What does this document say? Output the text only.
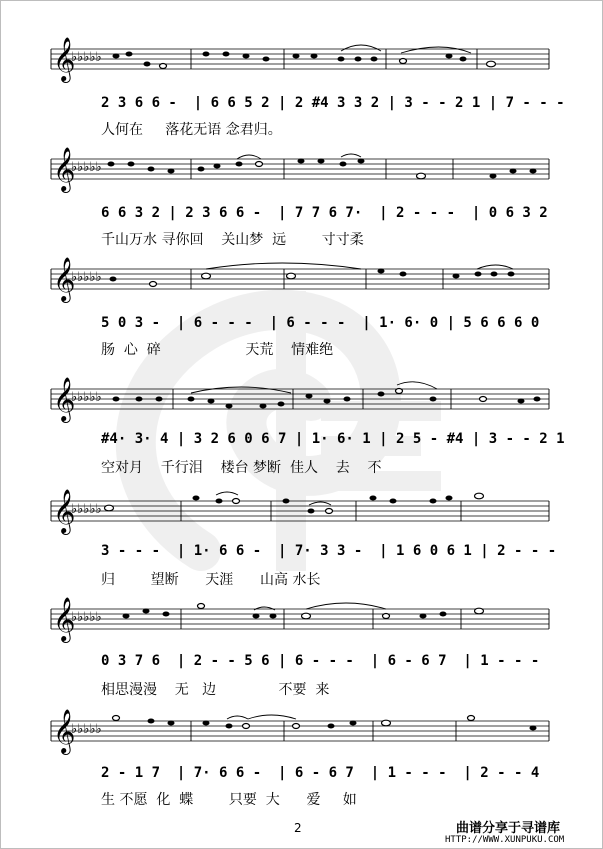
𝄞
♭♭♭♭♭
2 3 6 6 -  | 6 6 5 2 | 2 #4 3 3 2 | 3 - - 2 1 | 7 - - -
人何在     落花无语 念君归。
𝄞
♭♭♭♭♭
6 6 3 2 | 2 3 6 6 -  | 7 7 6 7·  | 2 - - -  | 0 6 3 2
千山万水 寻你回    关山梦  远        寸寸柔
𝄞
♭♭♭♭♭
5 0 3 -  | 6 - - -  | 6 - - -  | 1· 6· 0 | 5 6 6 6 0
肠  心  碎                   天荒    情难绝
𝄞
♭♭♭♭♭
#4· 3· 4 | 3 2 6 0 6 7 | 1· 6· 1 | 2 5 - #4 | 3 - - 2 1
空对月    千行泪    楼台 梦断  佳人    去    不
𝄞
♭♭♭♭♭
3 - - -  | 1· 6 6 -  | 7· 3 3 -  | 1 6 0 6 1 | 2 - - -
归        望断      天涯      山高 水长
𝄞
♭♭♭♭♭
0 3 7 6  | 2 - - 5 6 | 6 - - -  | 6 - 6 7  | 1 - - -
相思漫漫    无   边              不要  来
𝄞
♭♭♭♭♭
2 - 1 7  | 7· 6 6 -  | 6 - 6 7  | 1 - - -  | 2 - - 4
生 不愿  化  蝶        只要  大      爱     如
2	曲谱分享于寻谱库
HTTP://WWW.XUNPUKU.COM
